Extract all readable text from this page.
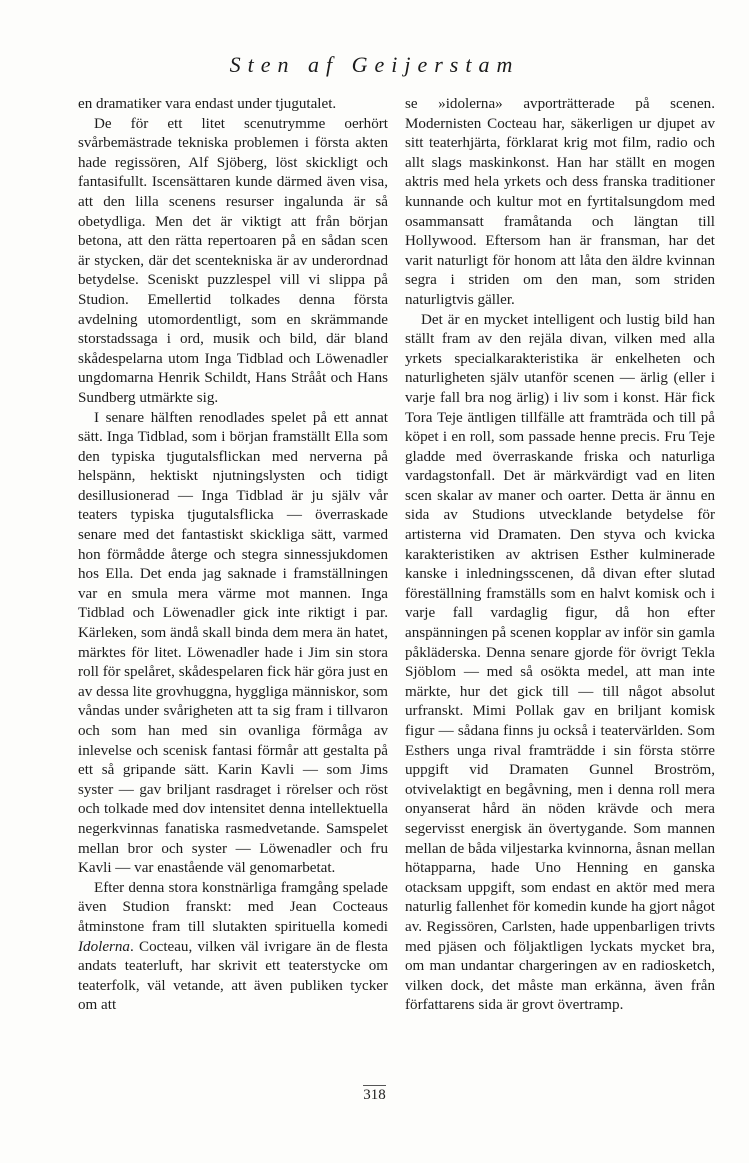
Sten af Geijerstam

en dramatiker vara endast under tjugutalet.

De för ett litet scenutrymme oerhört svårbemästrade tekniska problemen i första akten hade regissören, Alf Sjöberg, löst skickligt och fantasifullt. Iscensättaren kunde därmed även visa, att den lilla scenens resurser ingalunda är så obetydliga. Men det är viktigt att från början betona, att den rätta repertoaren på en sådan scen är stycken, där det scentekniska är av underordnad betydelse. Sceniskt puzzlespel vill vi slippa på Studion. Emellertid tolkades denna första avdelning utomordentligt, som en skrämmande storstadssaga i ord, musik och bild, där bland skådespelarna utom Inga Tidblad och Löwenadler ungdomarna Henrik Schildt, Hans Strååt och Hans Sundberg utmärkte sig.

I senare hälften renodlades spelet på ett annat sätt. Inga Tidblad, som i början framställt Ella som den typiska tjugutalsflickan med nerverna på helspänn, hektiskt njutningslysten och tidigt desillusionerad — Inga Tidblad är ju själv vår teaters typiska tjugutalsflicka — överraskade senare med det fantastiskt skickliga sätt, varmed hon förmådde återge och stegra sinnessjukdomen hos Ella. Det enda jag saknade i framställningen var en smula mera värme mot mannen. Inga Tidblad och Löwenadler gick inte riktigt i par. Kärleken, som ändå skall binda dem mera än hatet, märktes för litet. Löwenadler hade i Jim sin stora roll för spelåret, skådespelaren fick här göra just en av dessa lite grovhuggna, hyggliga människor, som våndas under svårigheten att ta sig fram i tillvaron och som han med sin ovanliga förmåga av inlevelse och scenisk fantasi förmår att gestalta på ett så gripande sätt. Karin Kavli — som Jims syster — gav briljant rasdraget i rörelser och röst och tolkade med dov intensitet denna intellektuella negerkvinnas fanatiska rasmedvetande. Samspelet mellan bror och syster — Löwenadler och fru Kavli — var enastående väl genomarbetat.

Efter denna stora konstnärliga framgång spelade även Studion franskt: med Jean Cocteaus åtminstone fram till slutakten spirituella komedi Idolerna. Cocteau, vilken väl ivrigare än de flesta andats teaterluft, har skrivit ett teaterstycke om teaterfolk, väl vetande, att även publiken tycker om att

se »idolerna» avporträtterade på scenen. Modernisten Cocteau har, säkerligen ur djupet av sitt teaterhjärta, förklarat krig mot film, radio och allt slags maskinkonst. Han har ställt en mogen aktris med hela yrkets och dess franska traditioner kunnande och kultur mot en fyrtitalsungdom med osammansatt framåtanda och längtan till Hollywood. Eftersom han är fransman, har det varit naturligt för honom att låta den äldre kvinnan segra i striden om den man, som striden naturligtvis gäller.

Det är en mycket intelligent och lustig bild han ställt fram av den rejäla divan, vilken med alla yrkets specialkarakteristika är enkelheten och naturligheten själv utanför scenen — ärlig (eller i varje fall bra nog ärlig) i liv som i konst. Här fick Tora Teje äntligen tillfälle att framträda och till på köpet i en roll, som passade henne precis. Fru Teje gladde med överraskande friska och naturliga vardagstonfall. Det är märkvärdigt vad en liten scen skalar av maner och oarter. Detta är ännu en sida av Studions utvecklande betydelse för artisterna vid Dramaten. Den styva och kvicka karakteristiken av aktrisen Esther kulminerade kanske i inledningsscenen, då divan efter slutad föreställning framställs som en halvt komisk och i varje fall vardaglig figur, då hon efter anspänningen på scenen kopplar av inför sin gamla påkläderska. Denna senare gjorde för övrigt Tekla Sjöblom — med så osökta medel, att man inte märkte, hur det gick till — till något absolut urfranskt. Mimi Pollak gav en briljant komisk figur — sådana finns ju också i teatervärlden. Som Esthers unga rival framträdde i sin första större uppgift vid Dramaten Gunnel Broström, otvivelaktigt en begåvning, men i denna roll mera onyanserat hård än nöden krävde och mera segervisst energisk än övertygande. Som mannen mellan de båda viljestarka kvinnorna, åsnan mellan hötapparna, hade Uno Henning en ganska otacksam uppgift, som endast en aktör med mera naturlig fallenhet för komedin kunde ha gjort något av. Regissören, Carlsten, hade uppenbarligen trivts med pjäsen och följaktligen lyckats mycket bra, om man undantar chargeringen av en radiosketch, vilken dock, det måste man erkänna, även från författarens sida är grovt övertramp.

318
